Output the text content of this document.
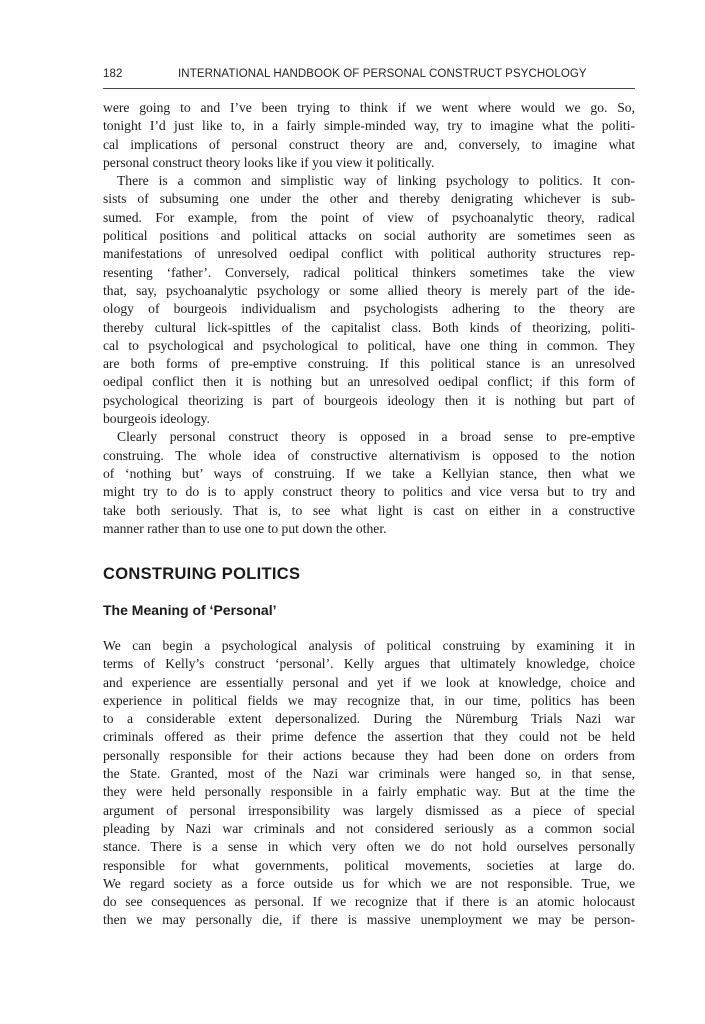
182	INTERNATIONAL HANDBOOK OF PERSONAL CONSTRUCT PSYCHOLOGY
were going to and I’ve been trying to think if we went where would we go. So,
tonight I’d just like to, in a fairly simple-minded way, try to imagine what the politi-
cal implications of personal construct theory are and, conversely, to imagine what
personal construct theory looks like if you view it politically.
There is a common and simplistic way of linking psychology to politics. It con-
sists of subsuming one under the other and thereby denigrating whichever is sub-
sumed. For example, from the point of view of psychoanalytic theory, radical
political positions and political attacks on social authority are sometimes seen as
manifestations of unresolved oedipal conflict with political authority structures rep-
resenting ‘father’. Conversely, radical political thinkers sometimes take the view
that, say, psychoanalytic psychology or some allied theory is merely part of the ide-
ology of bourgeois individualism and psychologists adhering to the theory are
thereby cultural lick-spittles of the capitalist class. Both kinds of theorizing, politi-
cal to psychological and psychological to political, have one thing in common. They
are both forms of pre-emptive construing. If this political stance is an unresolved
oedipal conflict then it is nothing but an unresolved oedipal conflict; if this form of
psychological theorizing is part of bourgeois ideology then it is nothing but part of
bourgeois ideology.
Clearly personal construct theory is opposed in a broad sense to pre-emptive
construing. The whole idea of constructive alternativism is opposed to the notion
of ‘nothing but’ ways of construing. If we take a Kellyian stance, then what we
might try to do is to apply construct theory to politics and vice versa but to try and
take both seriously. That is, to see what light is cast on either in a constructive
manner rather than to use one to put down the other.
CONSTRUING POLITICS
The Meaning of ‘Personal’
We can begin a psychological analysis of political construing by examining it in
terms of Kelly’s construct ‘personal’. Kelly argues that ultimately knowledge, choice
and experience are essentially personal and yet if we look at knowledge, choice and
experience in political fields we may recognize that, in our time, politics has been
to a considerable extent depersonalized. During the Nüremburg Trials Nazi war
criminals offered as their prime defence the assertion that they could not be held
personally responsible for their actions because they had been done on orders from
the State. Granted, most of the Nazi war criminals were hanged so, in that sense,
they were held personally responsible in a fairly emphatic way. But at the time the
argument of personal irresponsibility was largely dismissed as a piece of special
pleading by Nazi war criminals and not considered seriously as a common social
stance. There is a sense in which very often we do not hold ourselves personally
responsible for what governments, political movements, societies at large do.
We regard society as a force outside us for which we are not responsible. True, we
do see consequences as personal. If we recognize that if there is an atomic holocaust
then we may personally die, if there is massive unemployment we may be person-
